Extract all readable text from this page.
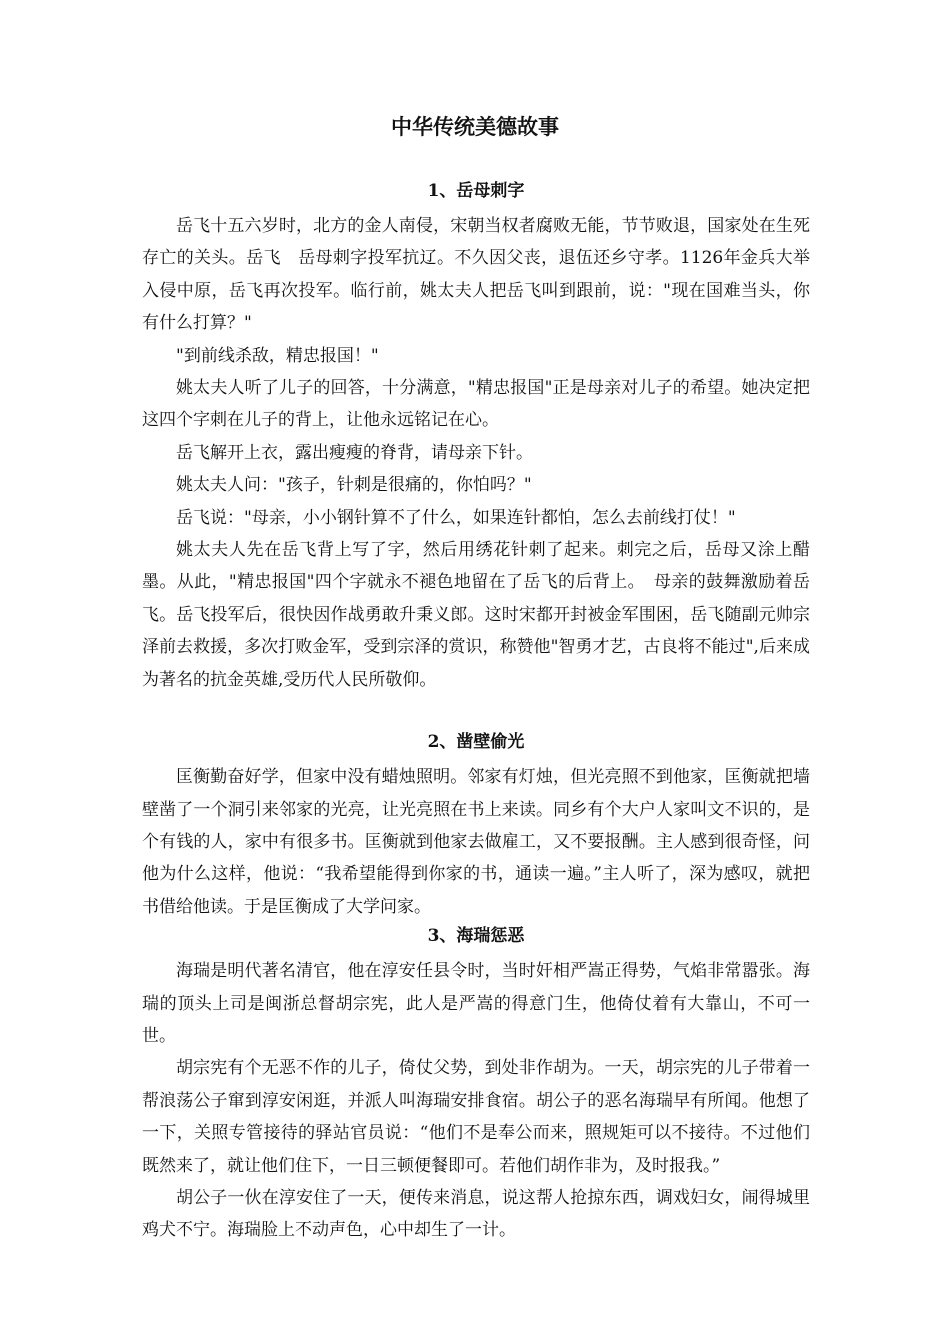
中华传统美德故事
1、岳母刺字

岳飞十五六岁时，北方的金人南侵，宋朝当权者腐败无能，节节败退，国家处在生死存亡的关头。岳飞　岳母刺字投军抗辽。不久因父丧，退伍还乡守孝。1126年金兵大举入侵中原，岳飞再次投军。临行前，姚太夫人把岳飞叫到跟前，说："现在国难当头，你有什么打算？"

"到前线杀敌，精忠报国！"

姚太夫人听了儿子的回答，十分满意，"精忠报国"正是母亲对儿子的希望。她决定把这四个字刺在儿子的背上，让他永远铭记在心。

岳飞解开上衣，露出瘦瘦的脊背，请母亲下针。

姚太夫人问："孩子，针刺是很痛的，你怕吗？"

岳飞说："母亲，小小钢针算不了什么，如果连针都怕，怎么去前线打仗！"

姚太夫人先在岳飞背上写了字，然后用绣花针刺了起来。刺完之后，岳母又涂上醋墨。从此，"精忠报国"四个字就永不褪色地留在了岳飞的后背上。　母亲的鼓舞激励着岳飞。岳飞投军后，很快因作战勇敢升秉义郎。这时宋都开封被金军围困，岳飞随副元帅宗泽前去救援，多次打败金军，受到宗泽的赏识，称赞他"智勇才艺，古良将不能过",后来成为著名的抗金英雄,受历代人民所敬仰。

2、凿壁偷光

匡衡勤奋好学，但家中没有蜡烛照明。邻家有灯烛，但光亮照不到他家，匡衡就把墙壁凿了一个洞引来邻家的光亮，让光亮照在书上来读。同乡有个大户人家叫文不识的，是个有钱的人，家中有很多书。匡衡就到他家去做雇工，又不要报酬。主人感到很奇怪，问他为什么这样，他说：“我希望能得到你家的书，通读一遍。”主人听了，深为感叹，就把书借给他读。于是匡衡成了大学问家。

3、海瑞惩恶

海瑞是明代著名清官，他在淳安任县令时，当时奸相严嵩正得势，气焰非常嚣张。海瑞的顶头上司是闽浙总督胡宗宪，此人是严嵩的得意门生，他倚仗着有大靠山，不可一世。

胡宗宪有个无恶不作的儿子，倚仗父势，到处非作胡为。一天，胡宗宪的儿子带着一帮浪荡公子窜到淳安闲逛，并派人叫海瑞安排食宿。胡公子的恶名海瑞早有所闻。他想了一下，关照专管接待的驿站官员说：“他们不是奉公而来，照规矩可以不接待。不过他们既然来了，就让他们住下，一日三顿便餐即可。若他们胡作非为，及时报我。”

胡公子一伙在淳安住了一天，便传来消息，说这帮人抢掠东西，调戏妇女，闹得城里鸡犬不宁。海瑞脸上不动声色，心中却生了一计。
